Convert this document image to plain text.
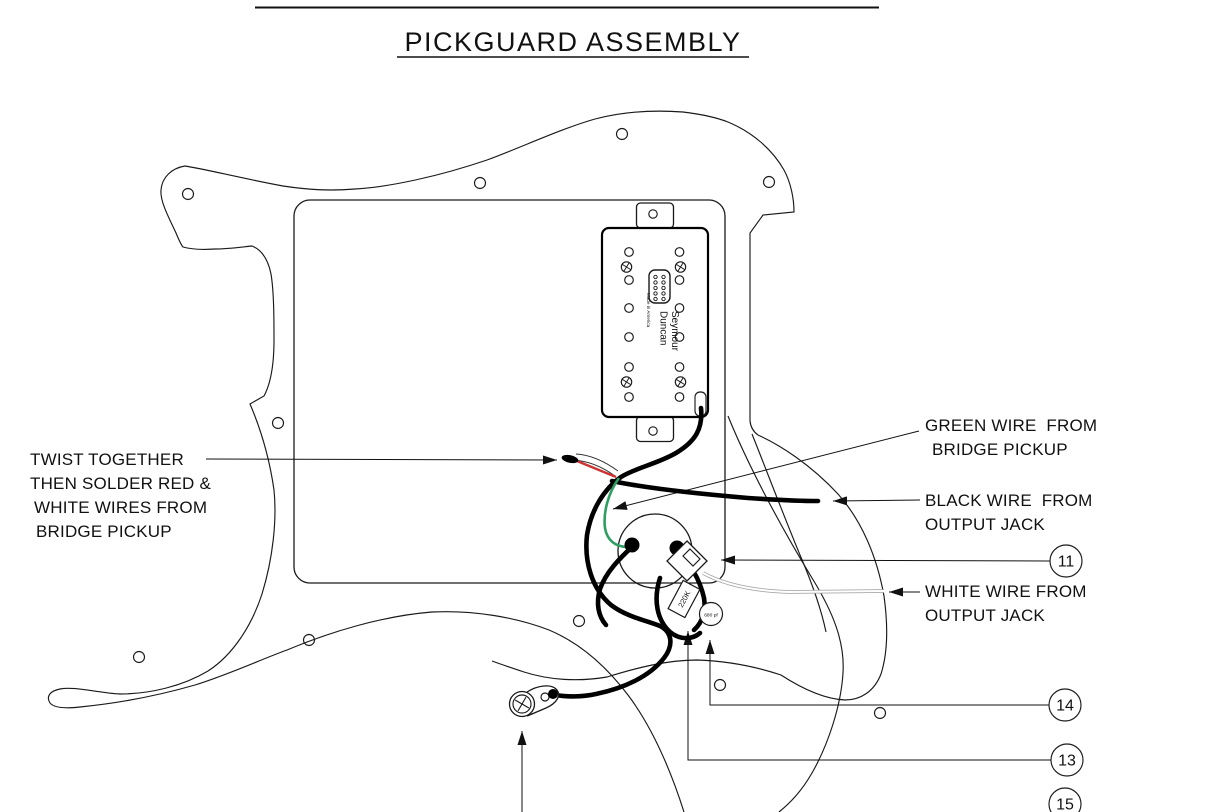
PICKGUARD ASSEMBLY
Seymour
Duncan
Made in America
220K
680 pf
11
14
13
15
TWIST TOGETHER
THEN SOLDER RED &
WHITE WIRES FROM
BRIDGE PICKUP
GREEN WIRE  FROM
BRIDGE PICKUP
BLACK WIRE  FROM
OUTPUT JACK
WHITE WIRE FROM
OUTPUT JACK
